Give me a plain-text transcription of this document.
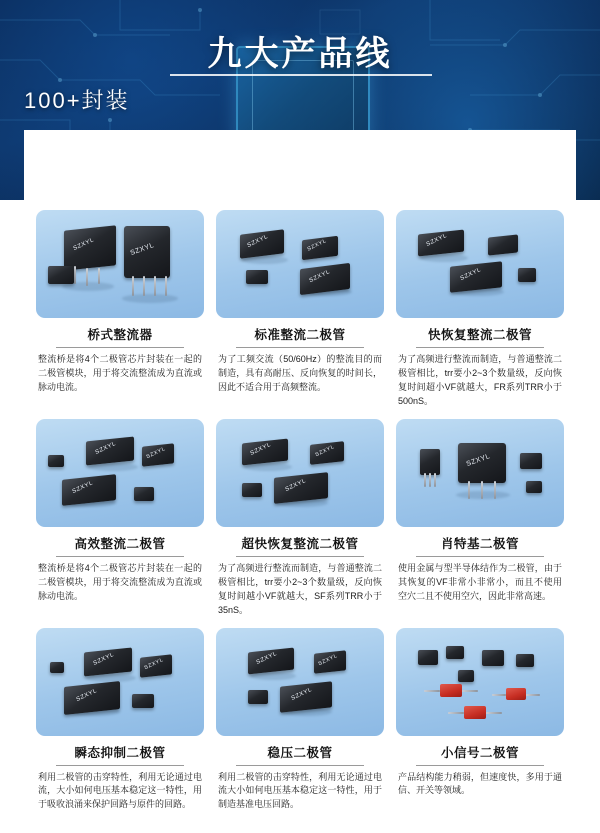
九大产品线
100+封装
SZXYL	SZXYL
桥式整流器
整流桥是将4个二极管芯片封装在一起的二极管模块，用于将交流整流成为直流或脉动电流。
SZXYL	SZXYL
SZXYL
标准整流二极管
为了工频交流（50/60Hz）的整流目的而制造，具有高耐压、反向恢复的时间长，因此不适合用于高频整流。
SZXYL
SZXYL
快恢复整流二极管
为了高频进行整流而制造，与普通整流二极管相比，trr要小2~3个数量级，反向恢复时间超小VF就越大，FR系列TRR小于500nS。
SZXYL	SZXYL
SZXYL
高效整流二极管
整流桥是将4个二极管芯片封装在一起的二极管模块，用于将交流整流成为直流或脉动电流。
SZXYL	SZXYL
SZXYL
超快恢复整流二极管
为了高频进行整流而制造，与普通整流二极管相比，trr要小2~3个数量级，反向恢复时间越小VF就越大，SF系列TRR小于35nS。
SZXYL
肖特基二极管
使用金属与型半导体结作为二极管，由于其恢复的VF非常小非常小，而且不使用空穴二且不使用空穴，因此非常高速。
SZXYL	SZXYL
SZXYL
瞬态抑制二极管
利用二极管的击穿特性，利用无论通过电流，大小如何电压基本稳定这一特性，用于吸收浪涌来保护回路与原件的回路。
SZXYL	SZXYL
SZXYL
稳压二极管
利用二极管的击穿特性，利用无论通过电流大小如何电压基本稳定这一特性，用于制造基准电压回路。
小信号二极管
产品结构能力稍弱，但速度快，多用于通信、开关等领域。
